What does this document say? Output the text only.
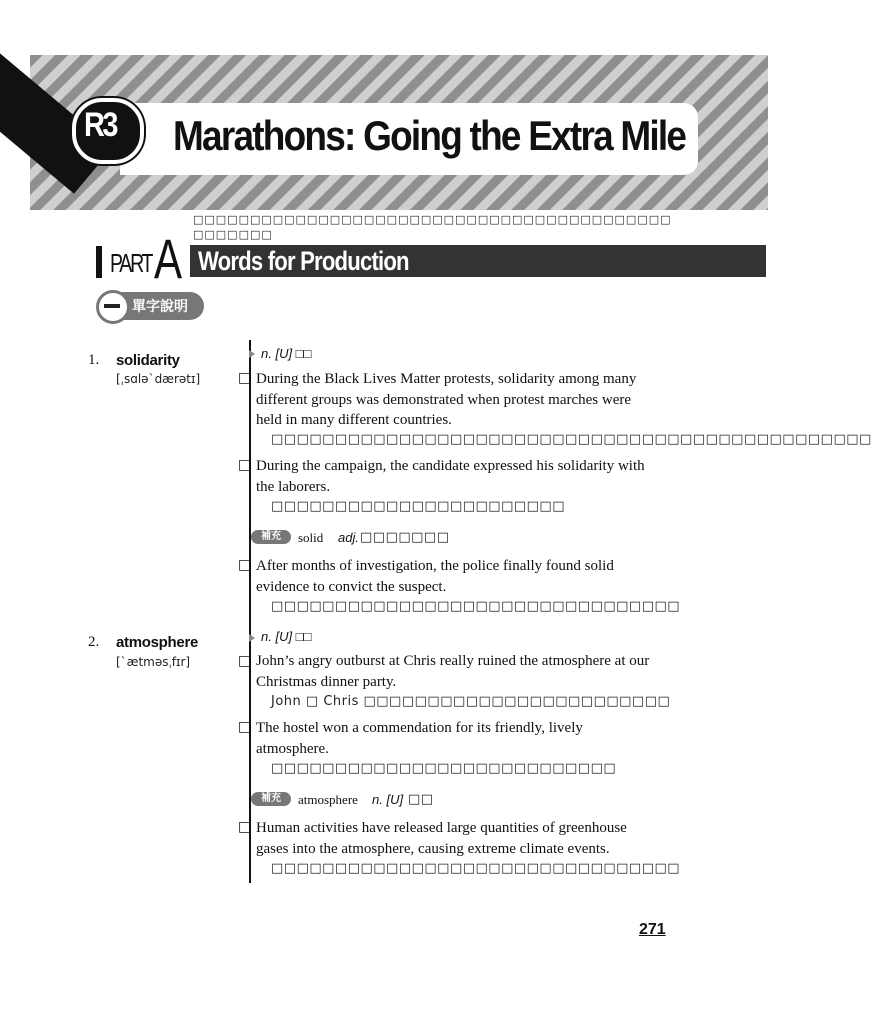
R3 Marathons: Going the Extra Mile
□□□□□□□□□□□□□□□□□□□□□□□□□□□□□□□□□□□□□□□□□□
□□□□□□□
PART A Words for Production
單字說明
1. solidarity
[ˌsɑləˋdærətɪ]
n. [U] □□
□ During the Black Lives Matter protests, solidarity among many different groups was demonstrated when protest marches were held in many different countries.
□□□□□□□□□□□□□□□□□□□□□□□□□□□□□□□□□□□□□□□□□□□□□□□
□ During the campaign, the candidate expressed his solidarity with the laborers.
□□□□□□□□□□□□□□□□□□□□□□□
補充	solid adj. □□□□□□□
□ After months of investigation, the police finally found solid evidence to convict the suspect.
□□□□□□□□□□□□□□□□□□□□□□□□□□□□□□□□
2. atmosphere
[ˋætməsˌfɪr]
n. [U] □□
□ John’s angry outburst at Chris really ruined the atmosphere at our Christmas dinner party.
John □ Chris □□□□□□□□□□□□□□□□□□□□□□□□
□ The hostel won a commendation for its friendly, lively atmosphere.
□□□□□□□□□□□□□□□□□□□□□□□□□□□
補充	atmosphere n. [U] □□
□ Human activities have released large quantities of greenhouse gases into the atmosphere, causing extreme climate events.
□□□□□□□□□□□□□□□□□□□□□□□□□□□□□□□□
271
